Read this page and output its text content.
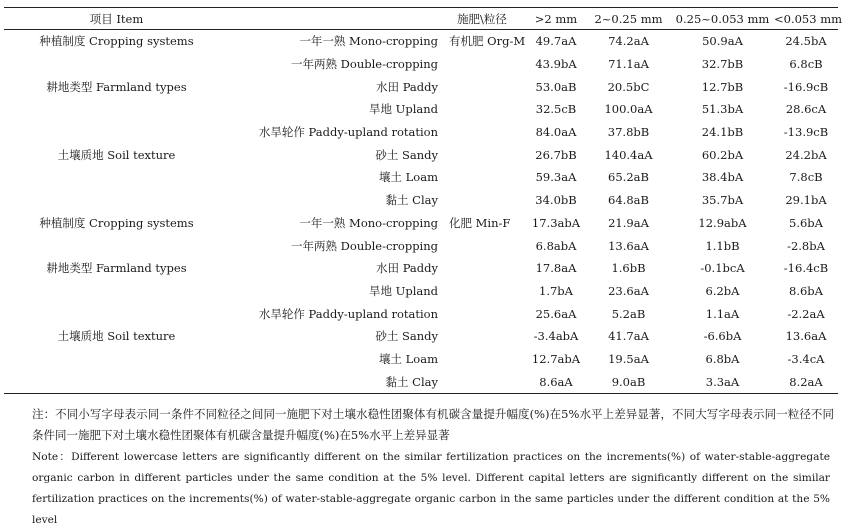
项目 Item		施肥\粒径	>2 mm	2~0.25 mm	0.25~0.053 mm	<0.053 mm
种植制度 Cropping systems	一年一熟 Mono-cropping	有机肥 Org-M	49.7aA	74.2aA	50.9aA	24.5bA
	一年两熟 Double-cropping		43.9bA	71.1aA	32.7bB	6.8cB
耕地类型 Farmland types	水田 Paddy		53.0aB	20.5bC	12.7bB	-16.9cB
	旱地 Upland		32.5cB	100.0aA	51.3bA	28.6cA
	水旱轮作 Paddy-upland rotation		84.0aA	37.8bB	24.1bB	-13.9cB
土壤质地 Soil texture	砂土 Sandy		26.7bB	140.4aA	60.2bA	24.2bA
	壤土 Loam		59.3aA	65.2aB	38.4bA	7.8cB
	黏土 Clay		34.0bB	64.8aB	35.7bA	29.1bA
种植制度 Cropping systems	一年一熟 Mono-cropping	化肥 Min-F	17.3abA	21.9aA	12.9abA	5.6bA
	一年两熟 Double-cropping		6.8abA	13.6aA	1.1bB	-2.8bA
耕地类型 Farmland types	水田 Paddy		17.8aA	1.6bB	-0.1bcA	-16.4cB
	旱地 Upland		1.7bA	23.6aA	6.2bA	8.6bA
	水旱轮作 Paddy-upland rotation		25.6aA	5.2aB	1.1aA	-2.2aA
土壤质地 Soil texture	砂土 Sandy		-3.4abA	41.7aA	-6.6bA	13.6aA
	壤土 Loam		12.7abA	19.5aA	6.8bA	-3.4cA
	黏土 Clay		8.6aA	9.0aB	3.3aA	8.2aA

注：不同小写字母表示同一条件不同粒径之间同一施肥下对土壤水稳性团聚体有机碳含量提升幅度(%)在5%水平上差异显著，不同大写字母表示同一粒径不同条件同一施肥下对土壤水稳性团聚体有机碳含量提升幅度(%)在5%水平上差异显著

Note：Different lowercase letters are significantly different on the similar fertilization practices on the increments(%) of water-stable-aggregate organic carbon in different particles under the same condition at the 5% level. Different capital letters are significantly different on the similar fertilization practices on the increments(%) of water-stable-aggregate organic carbon in the same particles under the different condition at the 5% level
